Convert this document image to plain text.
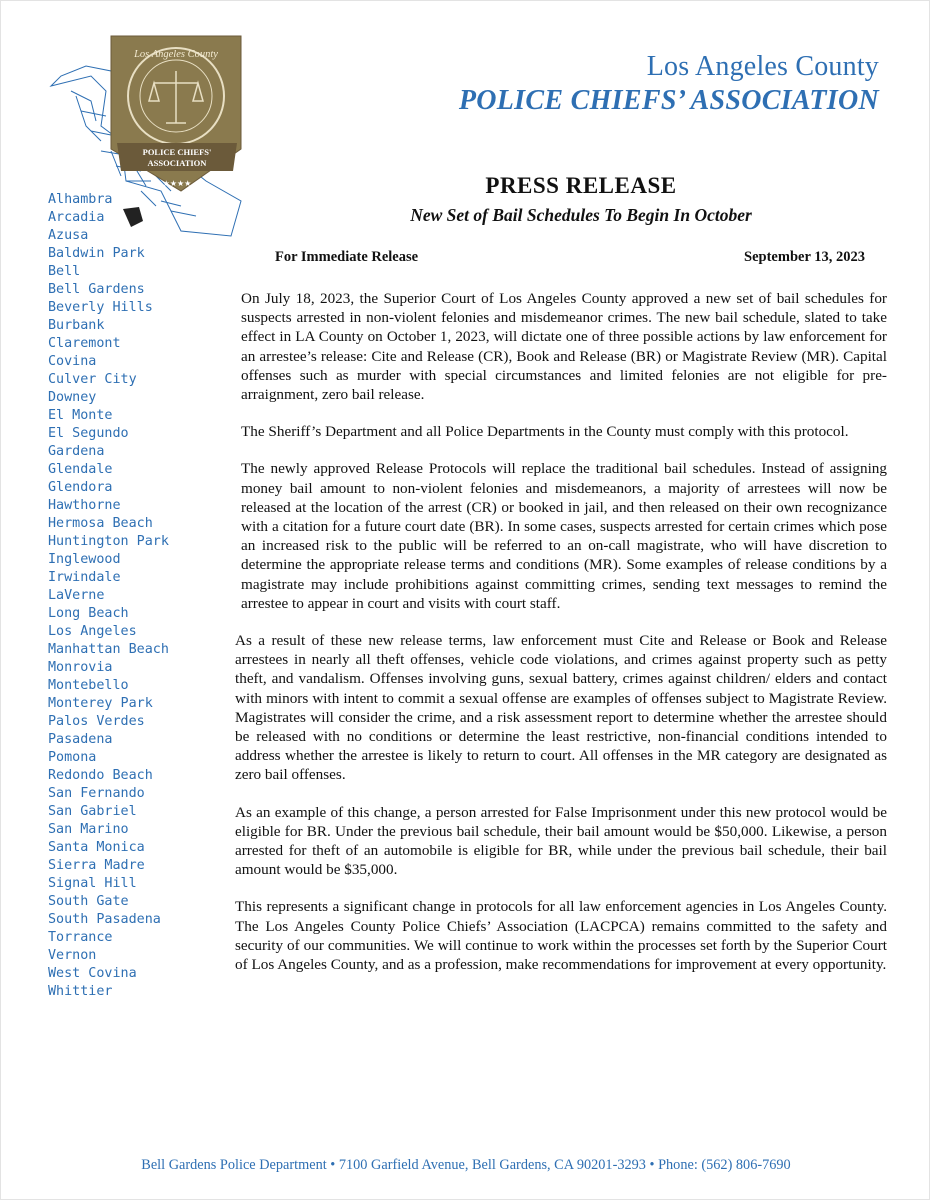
Los Angeles County
POLICE CHIEFS'
ASSOCIATION
★★★★
Los Angeles County
POLICE CHIEFS’ ASSOCIATION
Alhambra
Arcadia
Azusa
Baldwin Park
Bell
Bell Gardens
Beverly Hills
Burbank
Claremont
Covina
Culver City
Downey
El Monte
El Segundo
Gardena
Glendale
Glendora
Hawthorne
Hermosa Beach
Huntington Park
Inglewood
Irwindale
LaVerne
Long Beach
Los Angeles
Manhattan Beach
Monrovia
Montebello
Monterey Park
Palos Verdes
Pasadena
Pomona
Redondo Beach
San Fernando
San Gabriel
San Marino
Santa Monica
Sierra Madre
Signal Hill
South Gate
South Pasadena
Torrance
Vernon
West Covina
Whittier
PRESS RELEASE
New Set of Bail Schedules To Begin In October
For Immediate Release	September 13, 2023

On July 18, 2023, the Superior Court of Los Angeles County approved a new set of bail schedules for suspects arrested in non-violent felonies and misdemeanor crimes. The new bail schedule, slated to take effect in LA County on October 1, 2023, will dictate one of three possible actions by law enforcement for an arrestee’s release: Cite and Release (CR), Book and Release (BR) or Magistrate Review (MR). Capital offenses such as murder with special circumstances and limited felonies are not eligible for pre-arraignment, zero bail release.

The Sheriff’s Department and all Police Departments in the County must comply with this protocol.

The newly approved Release Protocols will replace the traditional bail schedules. Instead of assigning money bail amount to non-violent felonies and misdemeanors, a majority of arrestees will now be released at the location of the arrest (CR) or booked in jail, and then released on their own recognizance with a citation for a future court date (BR). In some cases, suspects arrested for certain crimes which pose an increased risk to the public will be referred to an on-call magistrate, who will have discretion to determine the appropriate release terms and conditions (MR). Some examples of release conditions by a magistrate may include prohibitions against committing crimes, sending text messages to remind the arrestee to appear in court and visits with court staff.

As a result of these new release terms, law enforcement must Cite and Release or Book and Release arrestees in nearly all theft offenses, vehicle code violations, and crimes against property such as petty theft, and vandalism. Offenses involving guns, sexual battery, crimes against children/ elders and contact with minors with intent to commit a sexual offense are examples of offenses subject to Magistrate Review. Magistrates will consider the crime, and a risk assessment report to determine whether the arrestee should be released with no conditions or determine the least restrictive, non-financial conditions intended to address whether the arrestee is likely to return to court. All offenses in the MR category are designated as zero bail offenses.

As an example of this change, a person arrested for False Imprisonment under this new protocol would be eligible for BR. Under the previous bail schedule, their bail amount would be $50,000. Likewise, a person arrested for theft of an automobile is eligible for BR, while under the previous bail schedule, their bail amount would be $35,000.

This represents a significant change in protocols for all law enforcement agencies in Los Angeles County. The Los Angeles County Police Chiefs’ Association (LACPCA) remains committed to the safety and security of our communities. We will continue to work within the processes set forth by the Superior Court of Los Angeles County, and as a profession, make recommendations for improvement at every opportunity.

Bell Gardens Police Department • 7100 Garfield Avenue, Bell Gardens, CA 90201-3293 • Phone: (562) 806-7690
